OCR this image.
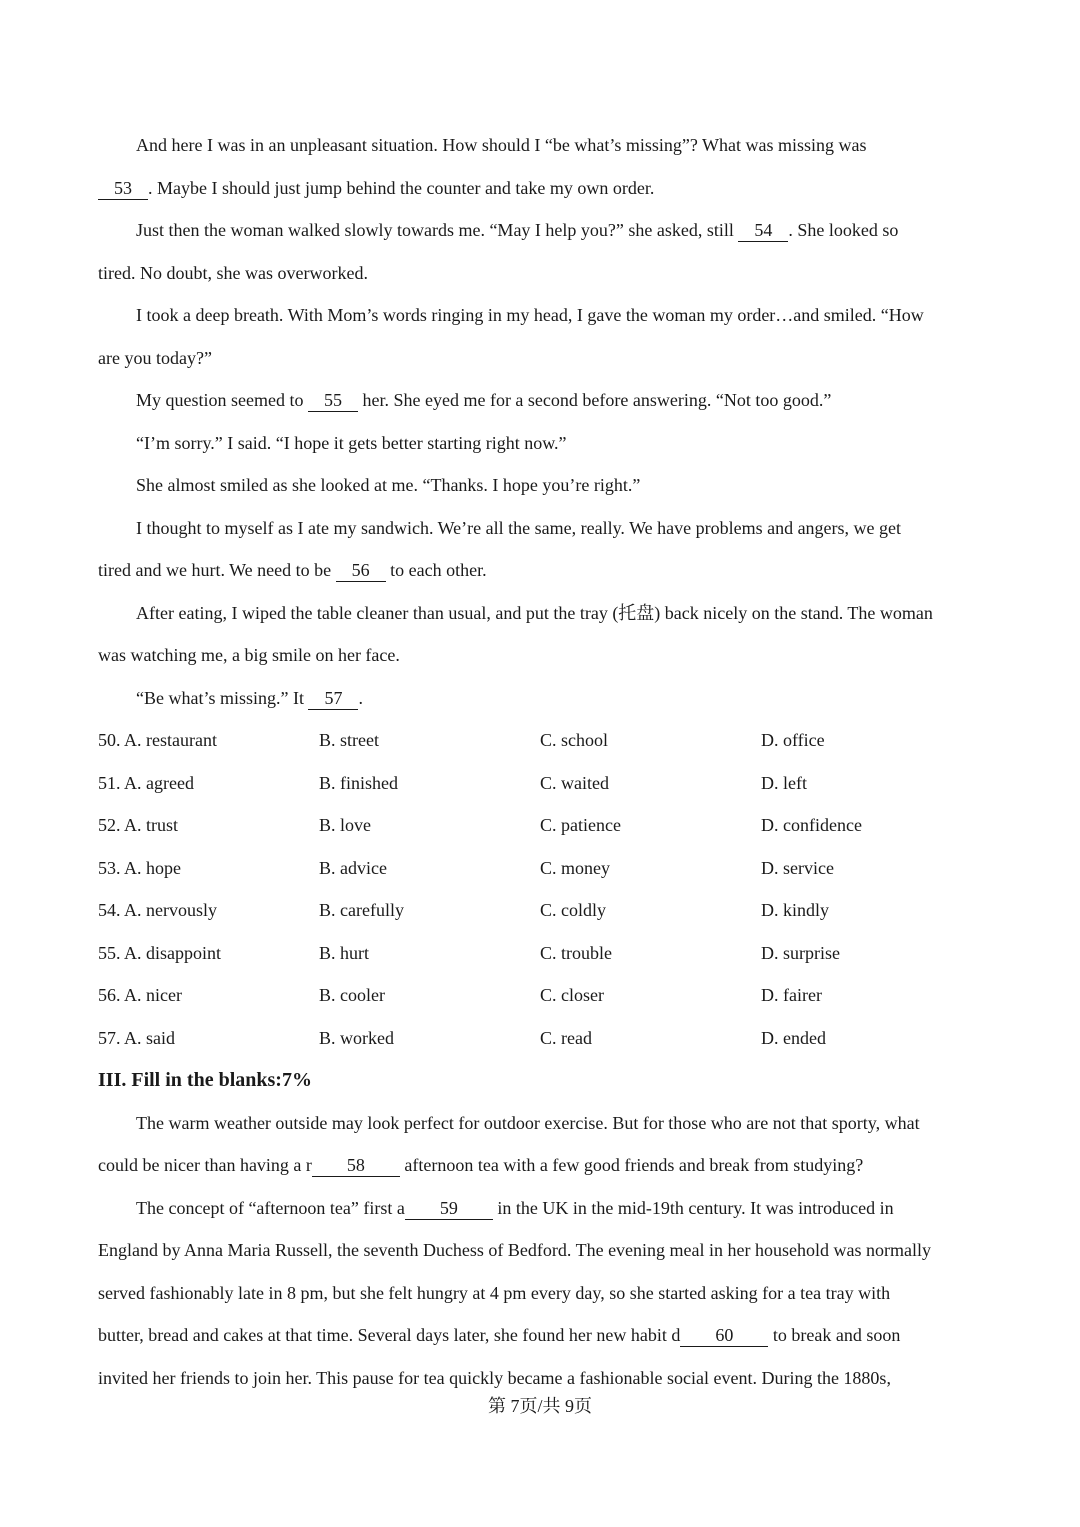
And here I was in an unpleasant situation. How should I “be what’s missing”? What was missing was
53 . Maybe I should just jump behind the counter and take my own order.
Just then the woman walked slowly towards me. “May I help you?” she asked, still 54 . She looked so
tired. No doubt, she was overworked.
I took a deep breath. With Mom’s words ringing in my head, I gave the woman my order…and smiled. “How
are you today?”
My question seemed to 55 her. She eyed me for a second before answering. “Not too good.”
“I’m sorry.” I said. “I hope it gets better starting right now.”
She almost smiled as she looked at me. “Thanks. I hope you’re right.”
I thought to myself as I ate my sandwich. We’re all the same, really. We have problems and angers, we get
tired and we hurt. We need to be 56 to each other.
After eating, I wiped the table cleaner than usual, and put the tray (托盘) back nicely on the stand. The woman
was watching me, a big smile on her face.
“Be what’s missing.” It 57 .
50. A. restaurant	B. street	C. school	D. office
51. A. agreed	B. finished	C. waited	D. left
52. A. trust	B. love	C. patience	D. confidence
53. A. hope	B. advice	C. money	D. service
54. A. nervously	B. carefully	C. coldly	D. kindly
55. A. disappoint	B. hurt	C. trouble	D. surprise
56. A. nicer	B. cooler	C. closer	D. fairer
57. A. said	B. worked	C. read	D. ended
III. Fill in the blanks:7%
The warm weather outside may look perfect for outdoor exercise. But for those who are not that sporty, what
could be nicer than having a r 58 afternoon tea with a few good friends and break from studying?
The concept of “afternoon tea” first a 59 in the UK in the mid-19th century. It was introduced in
England by Anna Maria Russell, the seventh Duchess of Bedford. The evening meal in her household was normally
served fashionably late in 8 pm, but she felt hungry at 4 pm every day, so she started asking for a tea tray with
butter, bread and cakes at that time. Several days later, she found her new habit d 60 to break and soon
invited her friends to join her. This pause for tea quickly became a fashionable social event. During the 1880s,
第 7页/共 9页
